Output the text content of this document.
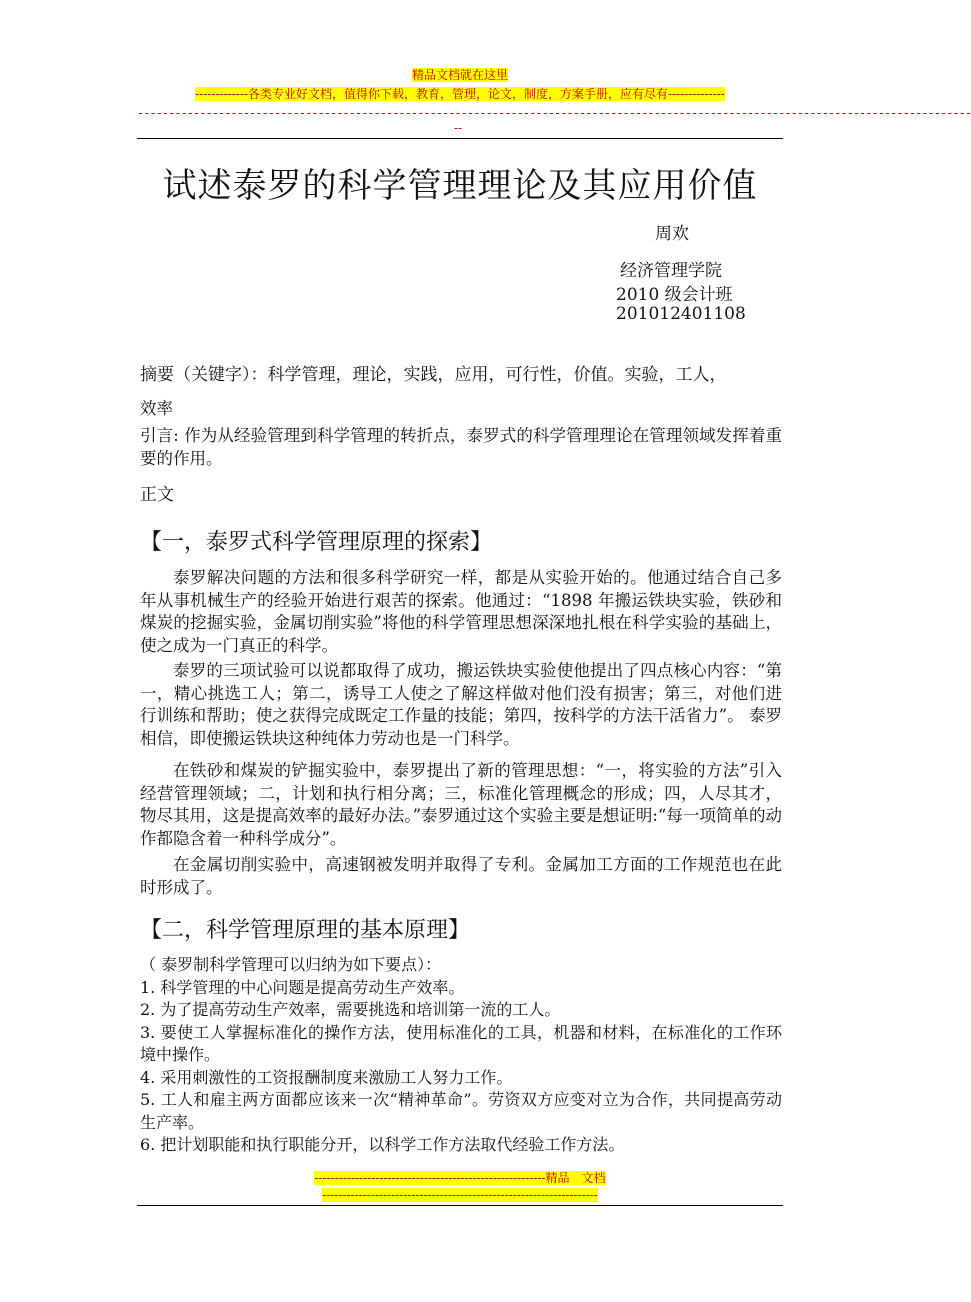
精品文档就在这里
-------------各类专业好文档，值得你下载，教育，管理，论文，制度，方案手册，应有尽有--------------
--------------------------------------------------------------------------------------------------------------------------------------
--
试述泰罗的科学管理理论及其应用价值
周欢
经济管理学院
2010 级会计班
201012401108
摘要（关键字）：科学管理，理论，实践，应用，可行性，价值。实验，工人，
效率
引言: 作为从经验管理到科学管理的转折点，泰罗式的科学管理理论在管理领域发挥着重要的作用。
正文
【一，泰罗式科学管理原理的探索】
泰罗解决问题的方法和很多科学研究一样，都是从实验开始的。他通过结合自己多年从事机械生产的经验开始进行艰苦的探索。他通过：“1898 年搬运铁块实验，铁砂和煤炭的挖掘实验，金属切削实验”将他的科学管理思想深深地扎根在科学实验的基础上，使之成为一门真正的科学。
泰罗的三项试验可以说都取得了成功，搬运铁块实验使他提出了四点核心内容：“第一，精心挑选工人；第二，诱导工人使之了解这样做对他们没有损害；第三，对他们进行训练和帮助；使之获得完成既定工作量的技能；第四，按科学的方法干活省力”。 泰罗相信，即使搬运铁块这种纯体力劳动也是一门科学。
在铁砂和煤炭的铲掘实验中，泰罗提出了新的管理思想：“一，将实验的方法”引入经营管理领域；二，计划和执行相分离；三，标准化管理概念的形成；四，人尽其才，物尽其用，这是提高效率的最好办法。”泰罗通过这个实验主要是想证明:“每一项简单的动作都隐含着一种科学成分”。
在金属切削实验中，高速钢被发明并取得了专利。金属加工方面的工作规范也在此时形成了。
【二，科学管理原理的基本原理】
（ 泰罗制科学管理可以归纳为如下要点）：
1. 科学管理的中心问题是提高劳动生产效率。
2. 为了提高劳动生产效率，需要挑选和培训第一流的工人。
3. 要使工人掌握标准化的操作方法，使用标准化的工具，机器和材料，在标准化的工作环境中操作。
4. 采用刺激性的工资报酬制度来激励工人努力工作。
5. 工人和雇主两方面都应该来一次“精神革命”。劳资双方应变对立为合作，共同提高劳动生产率。
6. 把计划职能和执行职能分开，以科学工作方法取代经验工作方法。
---------------------------------------------------------精品　文档
--------------------------------------------------------------------
